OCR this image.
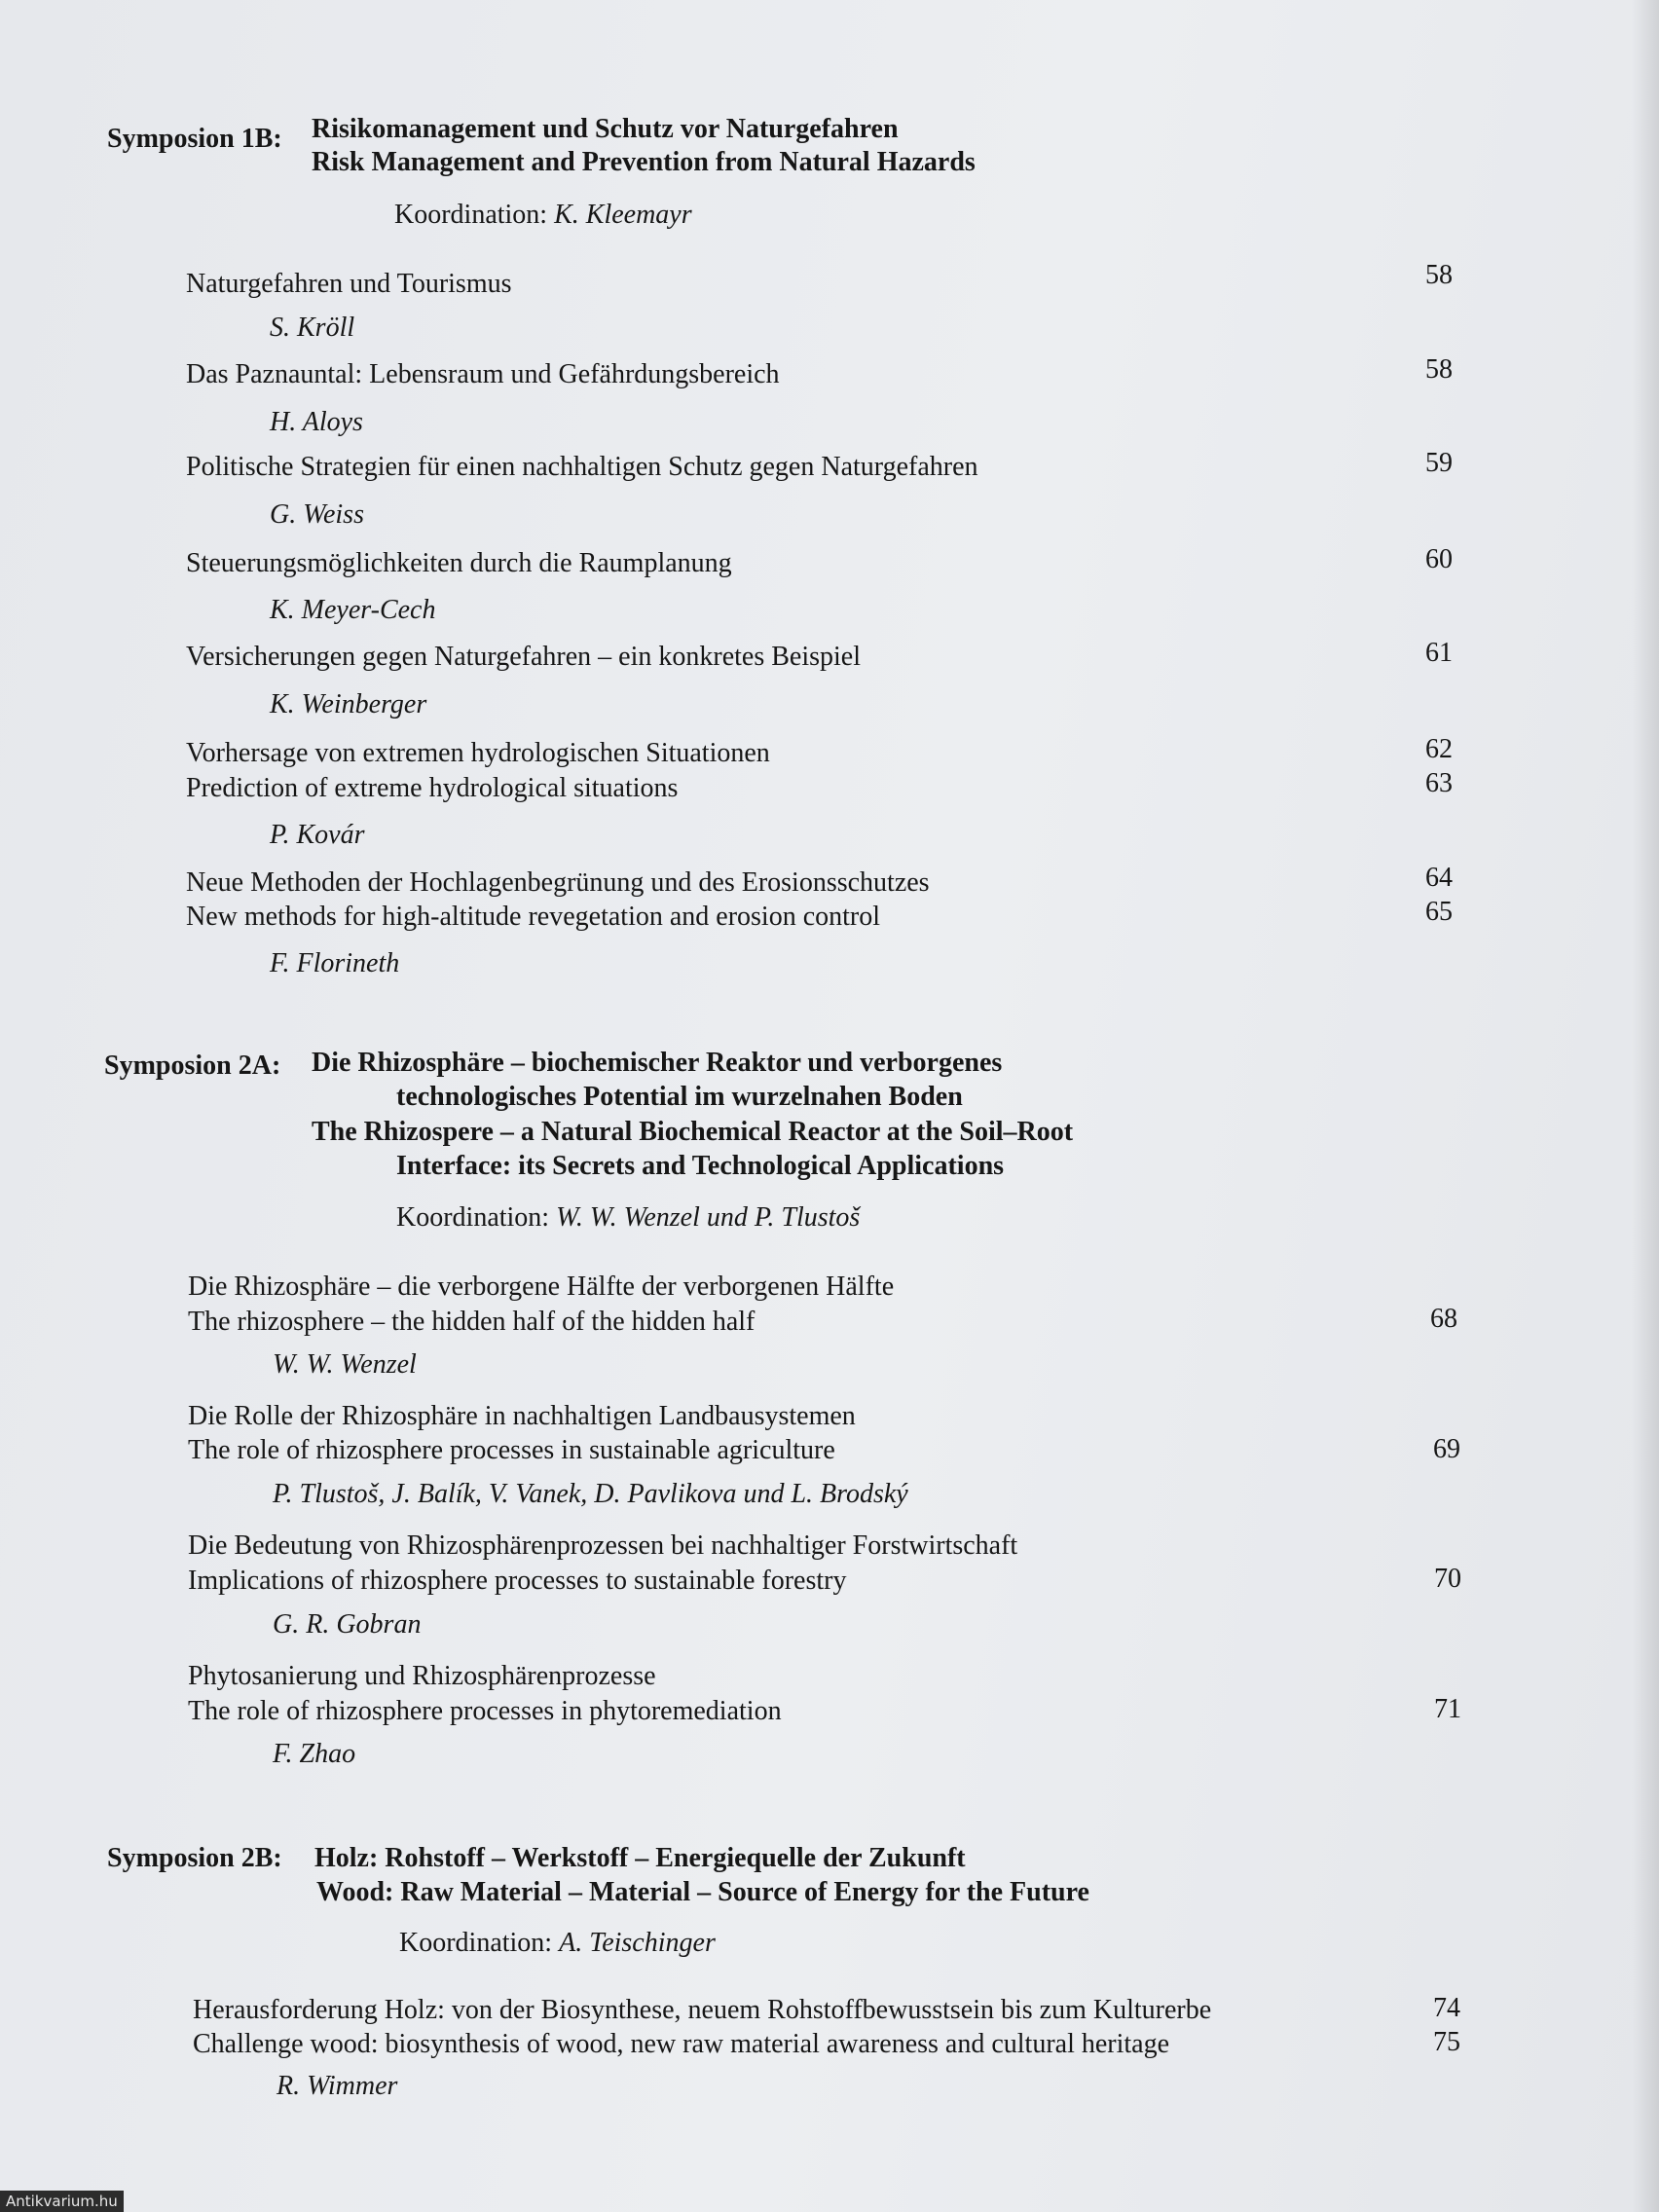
Symposion 1B: Risikomanagement und Schutz vor Naturgefahren
Risk Management and Prevention from Natural Hazards
Koordination: K. Kleemayr
Naturgefahren und Tourismus	58
S. Kröll
Das Paznauntal: Lebensraum und Gefährdungsbereich	58
H. Aloys
Politische Strategien für einen nachhaltigen Schutz gegen Naturgefahren	59
G. Weiss
Steuerungsmöglichkeiten durch die Raumplanung	60
K. Meyer-Cech
Versicherungen gegen Naturgefahren – ein konkretes Beispiel	61
K. Weinberger
Vorhersage von extremen hydrologischen Situationen	62
Prediction of extreme hydrological situations	63
P. Kovár
Neue Methoden der Hochlagenbegrünung und des Erosionsschutzes	64
New methods for high-altitude revegetation and erosion control	65
F. Florineth
Symposion 2A: Die Rhizosphäre – biochemischer Reaktor und verborgenes
technologisches Potential im wurzelnahen Boden
The Rhizospere – a Natural Biochemical Reactor at the Soil–Root
Interface: its Secrets and Technological Applications
Koordination: W. W. Wenzel und P. Tlustoš
Die Rhizosphäre – die verborgene Hälfte der verborgenen Hälfte
The rhizosphere – the hidden half of the hidden half	68
W. W. Wenzel
Die Rolle der Rhizosphäre in nachhaltigen Landbausystemen
The role of rhizosphere processes in sustainable agriculture	69
P. Tlustoš, J. Balík, V. Vanek, D. Pavlikova und L. Brodský
Die Bedeutung von Rhizosphärenprozessen bei nachhaltiger Forstwirtschaft
Implications of rhizosphere processes to sustainable forestry	70
G. R. Gobran
Phytosanierung und Rhizosphärenprozesse
The role of rhizosphere processes in phytoremediation	71
F. Zhao
Symposion 2B: Holz: Rohstoff – Werkstoff – Energiequelle der Zukunft
Wood: Raw Material – Material – Source of Energy for the Future
Koordination: A. Teischinger
Herausforderung Holz: von der Biosynthese, neuem Rohstoffbewusstsein bis zum Kulturerbe	74
Challenge wood: biosynthesis of wood, new raw material awareness and cultural heritage	75
R. Wimmer
Antikvarium.hu
